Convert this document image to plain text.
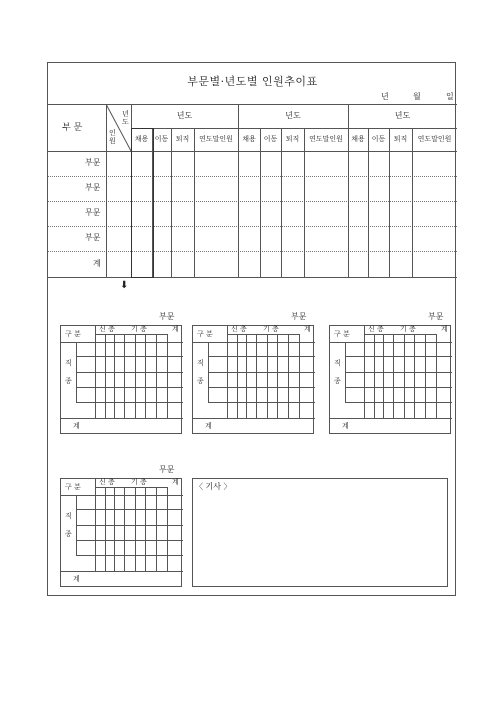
부문별·년도별 인원추이표
년	월	일
부 문
년도
인원
년도	년도	년도
채용 이동	퇴직	연도말인원	채용	이동	퇴직	연도말인원	채용 이동	퇴직	연도말인원
부문
부문
무문
부문
계
⬇
부문
구 분
신 층 기 층	계
직
종
계
부문
구 분
신 층 기 층	계
직
종
계
부문
구 분
신 층 기 층	계
직
종
계
무문
구 분
신 층 기 층	계
직
종
계
〈 기사 〉
